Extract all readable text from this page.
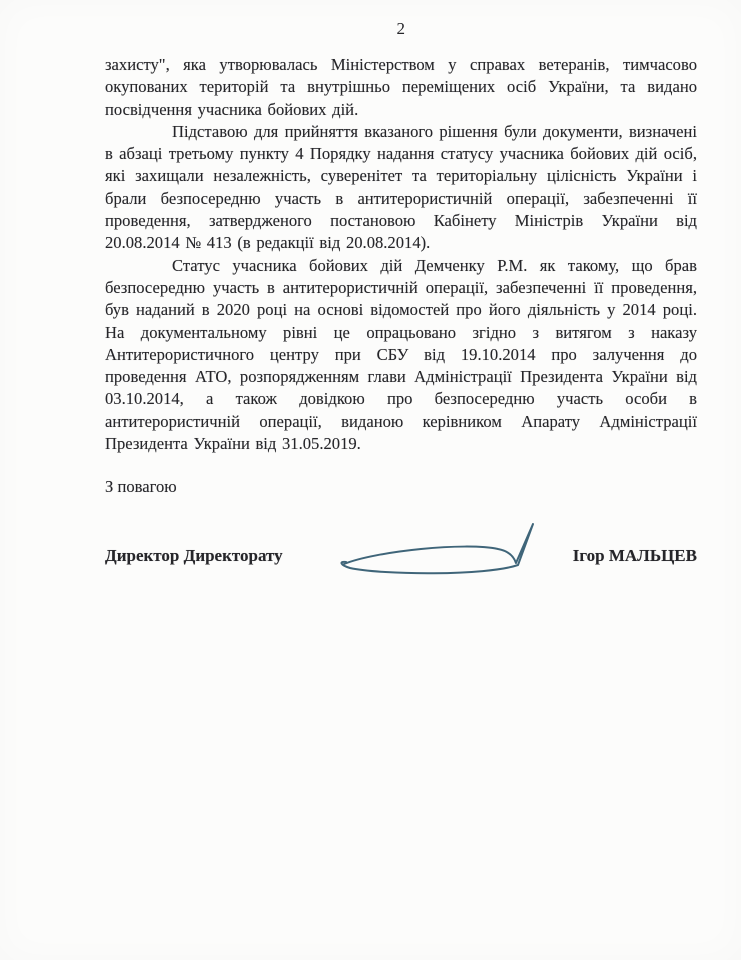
2

захисту", яка утворювалась Міністерством у справах ветеранів, тимчасово окупованих територій та внутрішньо переміщених осіб України, та видано посвідчення учасника бойових дій.

Підставою для прийняття вказаного рішення були документи, визначені в абзаці третьому пункту 4 Порядку надання статусу учасника бойових дій осіб, які захищали незалежність, суверенітет та територіальну цілісність України і брали безпосередню участь в антитерористичній операції, забезпеченні її проведення, затвердженого постановою Кабінету Міністрів України від 20.08.2014 № 413 (в редакції від 20.08.2014).

Статус учасника бойових дій Демченку Р.М. як такому, що брав безпосередню участь в антитерористичній операції, забезпеченні її проведення, був наданий в 2020 році на основі відомостей про його діяльність у 2014 році. На документальному рівні це опрацьовано згідно з витягом з наказу Антитерористичного центру при СБУ від 19.10.2014 про залучення до проведення АТО, розпорядженням глави Адміністрації Президента України від 03.10.2014, а також довідкою про безпосередню участь особи в антитерористичній операції, виданою керівником Апарату Адміністрації Президента України від 31.05.2019.

З повагою

Директор Директорату	Ігор МАЛЬЦЕВ
